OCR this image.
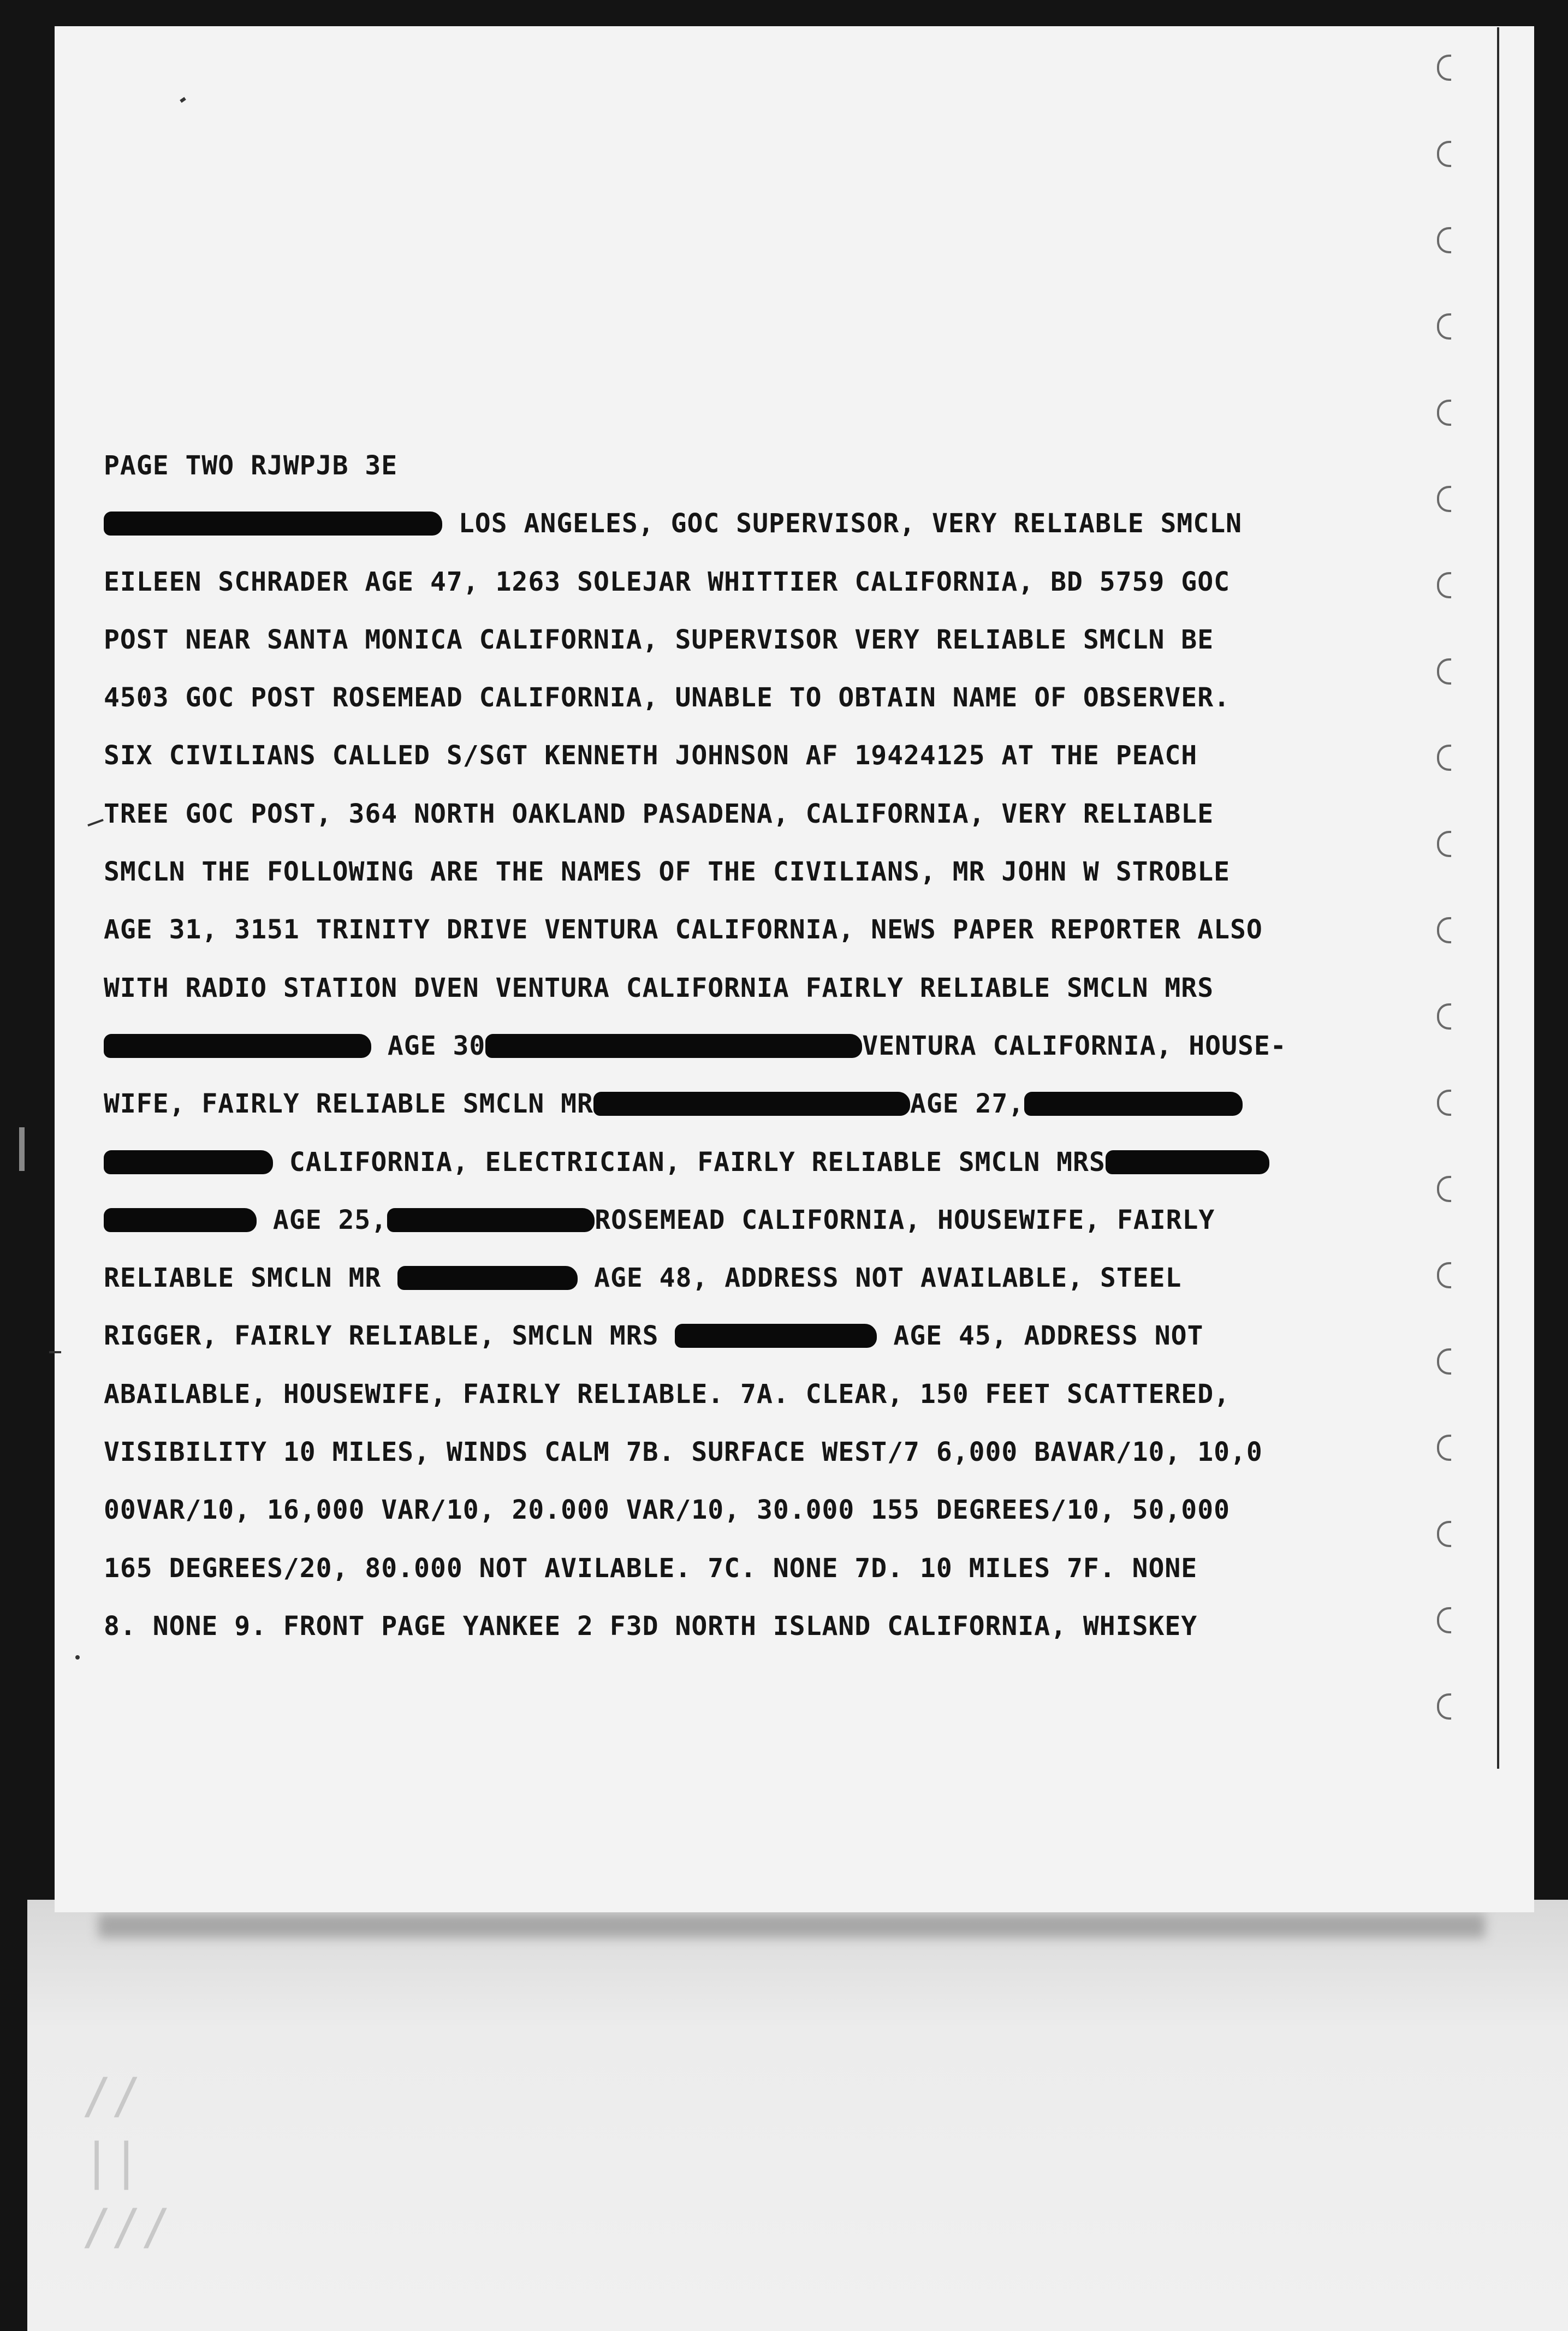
//
||
///
PAGE TWO RJWPJB 3E
LOS ANGELES, GOC SUPERVISOR, VERY RELIABLE SMCLN
EILEEN SCHRADER AGE 47, 1263 SOLEJAR WHITTIER CALIFORNIA, BD 5759 GOC
POST NEAR SANTA MONICA CALIFORNIA, SUPERVISOR VERY RELIABLE SMCLN BE
4503 GOC POST ROSEMEAD CALIFORNIA, UNABLE TO OBTAIN NAME OF OBSERVER.
SIX CIVILIANS CALLED S/SGT KENNETH JOHNSON AF 19424125 AT THE PEACH
TREE GOC POST, 364 NORTH OAKLAND PASADENA, CALIFORNIA, VERY RELIABLE
SMCLN THE FOLLOWING ARE THE NAMES OF THE CIVILIANS, MR JOHN W STROBLE
AGE 31, 3151 TRINITY DRIVE VENTURA CALIFORNIA, NEWS PAPER REPORTER ALSO
WITH RADIO STATION DVEN VENTURA CALIFORNIA FAIRLY RELIABLE SMCLN MRS
AGE 30	VENTURA CALIFORNIA, HOUSE-
WIFE, FAIRLY RELIABLE SMCLN MR	AGE 27,
CALIFORNIA, ELECTRICIAN, FAIRLY RELIABLE SMCLN MRS
AGE 25,	ROSEMEAD CALIFORNIA, HOUSEWIFE, FAIRLY
RELIABLE SMCLN MR	AGE 48, ADDRESS NOT AVAILABLE, STEEL
RIGGER, FAIRLY RELIABLE, SMCLN MRS	AGE 45, ADDRESS NOT
ABAILABLE, HOUSEWIFE, FAIRLY RELIABLE. 7A. CLEAR, 150 FEET SCATTERED,
VISIBILITY 10 MILES, WINDS CALM 7B. SURFACE WEST/7 6,000 BAVAR/10, 10,0
00VAR/10, 16,000 VAR/10, 20.000 VAR/10, 30.000 155 DEGREES/10, 50,000
165 DEGREES/20, 80.000 NOT AVILABLE. 7C. NONE 7D. 10 MILES 7F. NONE
8. NONE 9. FRONT PAGE YANKEE 2 F3D NORTH ISLAND CALIFORNIA, WHISKEY
